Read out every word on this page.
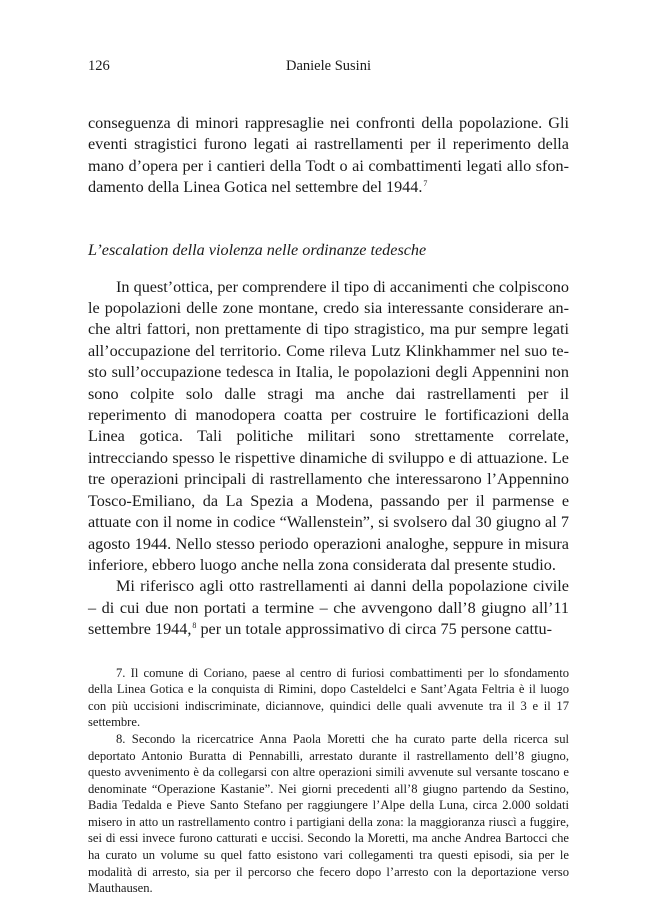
126	Daniele Susini

conseguenza di minori rappresaglie nei confronti della popolazione. Gli eventi stragistici furono legati ai rastrellamenti per il reperimento della mano d’opera per i cantieri della Todt o ai combattimenti legati allo sfondamento della Linea Gotica nel settembre del 1944.$^7$

L’escalation della violenza nelle ordinanze tedesche

In quest’ottica, per comprendere il tipo di accanimenti che colpiscono le popolazioni delle zone montane, credo sia interessante considerare anche altri fattori, non prettamente di tipo stragistico, ma pur sempre legati all’occupazione del territorio. Come rileva Lutz Klinkhammer nel suo testo sull’occupazione tedesca in Italia, le popolazioni degli Appennini non sono colpite solo dalle stragi ma anche dai rastrellamenti per il reperimento di manodopera coatta per costruire le fortificazioni della Linea gotica. Tali politiche militari sono strettamente correlate, intrecciando spesso le rispettive dinamiche di sviluppo e di attuazione. Le tre operazioni principali di rastrellamento che interessarono l’Appennino Tosco-Emiliano, da La Spezia a Modena, passando per il parmense e attuate con il nome in codice “Wallenstein”, si svolsero dal 30 giugno al 7 agosto 1944. Nello stesso periodo operazioni analoghe, seppure in misura inferiore, ebbero luogo anche nella zona considerata dal presente studio.

Mi riferisco agli otto rastrellamenti ai danni della popolazione civile – di cui due non portati a termine – che avvengono dall’8 giugno all’11 settembre 1944,$^8$ per un totale approssimativo di circa 75 persone cattu-

7. Il comune di Coriano, paese al centro di furiosi combattimenti per lo sfondamento della Linea Gotica e la conquista di Rimini, dopo Casteldelci e Sant’Agata Feltria è il luogo con più uccisioni indiscriminate, diciannove, quindici delle quali avvenute tra il 3 e il 17 settembre.

8. Secondo la ricercatrice Anna Paola Moretti che ha curato parte della ricerca sul deportato Antonio Buratta di Pennabilli, arrestato durante il rastrellamento dell’8 giugno, questo avvenimento è da collegarsi con altre operazioni simili avvenute sul versante toscano e denominate “Operazione Kastanie”. Nei giorni precedenti all’8 giugno partendo da Sestino, Badia Tedalda e Pieve Santo Stefano per raggiungere l’Alpe della Luna, circa 2.000 soldati misero in atto un rastrellamento contro i partigiani della zona: la maggioranza riuscì a fuggire, sei di essi invece furono catturati e uccisi. Secondo la Moretti, ma anche Andrea Bartocci che ha curato un volume su quel fatto esistono vari collegamenti tra questi episodi, sia per le modalità di arresto, sia per il percorso che fecero dopo l’arresto con la deportazione verso Mauthausen.
